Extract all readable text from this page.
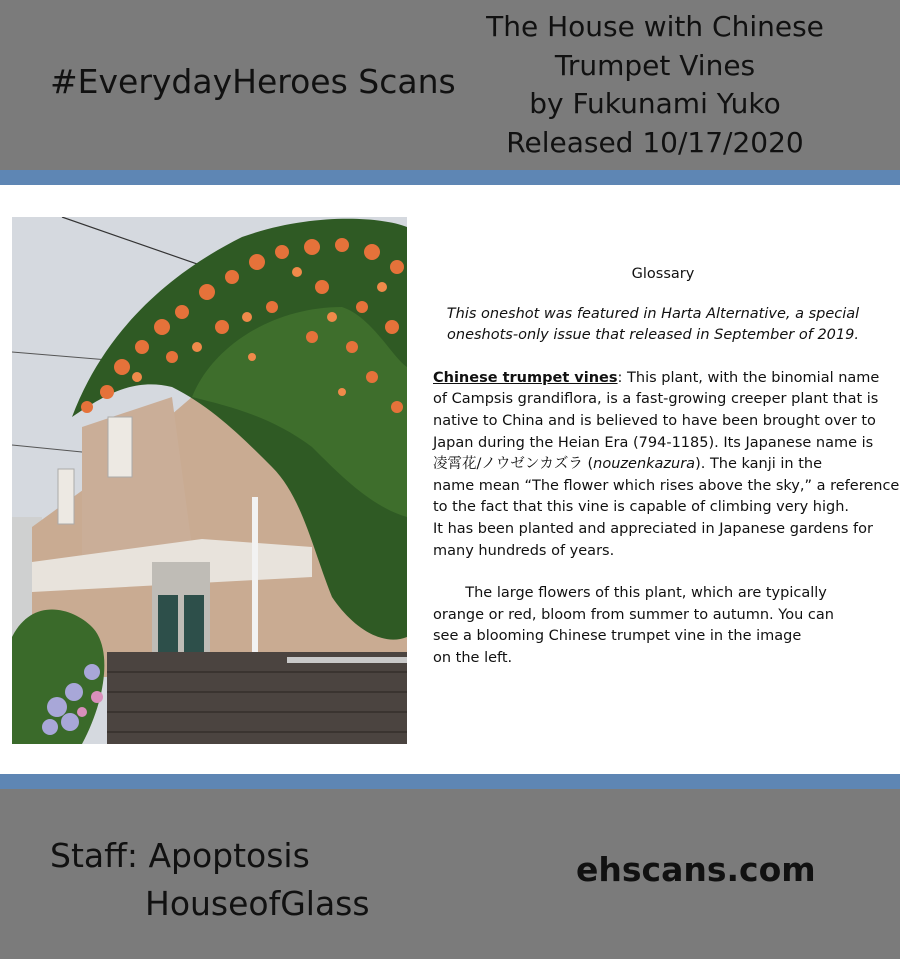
#EverydayHeroes Scans
The House with Chinese
Trumpet Vines
by Fukunami Yuko
Released 10/17/2020
Glossary
This oneshot was featured in Harta Alternative, a special
oneshots-only issue that released in September of 2019.
Chinese trumpet vines: This plant, with the binomial name
of Campsis grandiflora, is a fast-growing creeper plant that is
native to China and is believed to have been brought over to
Japan during the Heian Era (794-1185). Its Japanese name is
凌霄花/ノウゼンカズラ (nouzenkazura). The kanji in the
name mean “The flower which rises above the sky,” a reference
to the fact that this vine is capable of climbing very high.
It has been planted and appreciated in Japanese gardens for
many hundreds of years.
The large flowers of this plant, which are typically
orange or red, bloom from summer to autumn. You can
see a blooming Chinese trumpet vine in the image
on the left.
Staff: Apoptosis
HouseofGlass
ehscans.com
